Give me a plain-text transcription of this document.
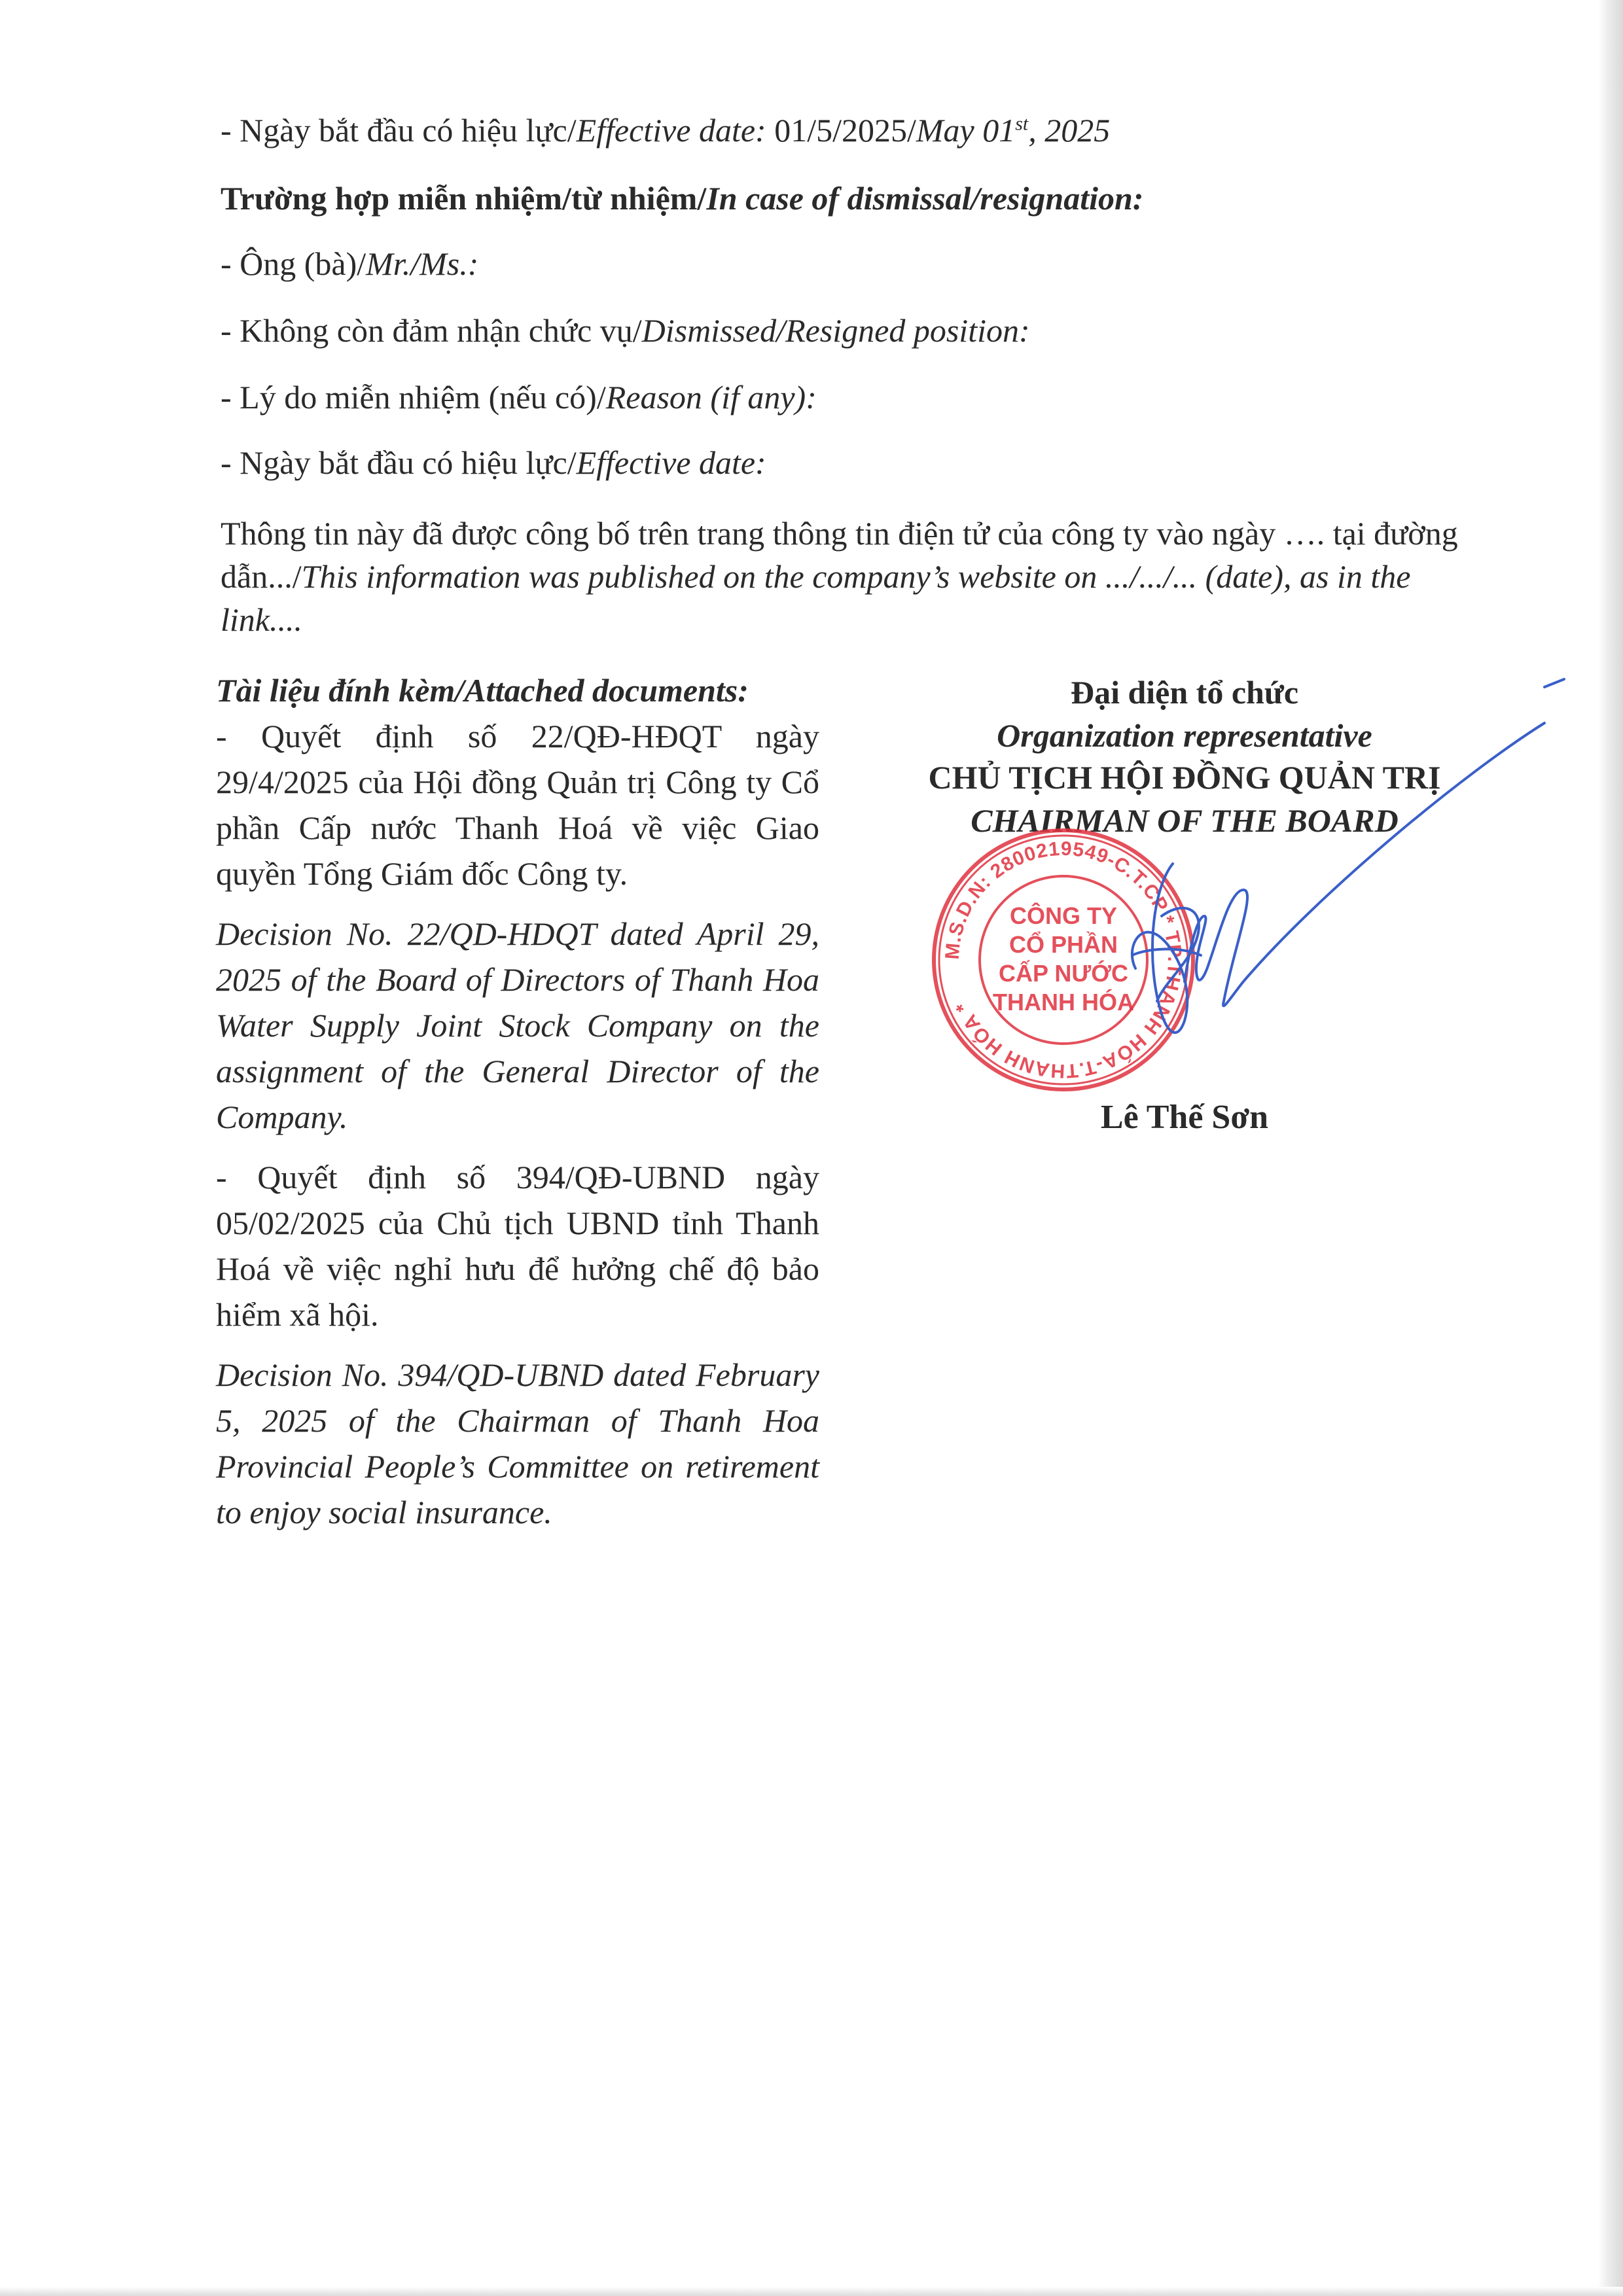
- Ngày bắt đầu có hiệu lực/Effective date: 01/5/2025/May 01st, 2025
Trường hợp miễn nhiệm/từ nhiệm/In case of dismissal/resignation:
- Ông (bà)/Mr./Ms.:
- Không còn đảm nhận chức vụ/Dismissed/Resigned position:
- Lý do miễn nhiệm (nếu có)/Reason (if any):
- Ngày bắt đầu có hiệu lực/Effective date:
Thông tin này đã được công bố trên trang thông tin điện tử của công ty vào ngày …. tại đường dẫn.../This information was published on the company’s website on .../.../... (date), as in the link....

Tài liệu đính kèm/Attached documents:

- Quyết định số 22/QĐ-HĐQT ngày 29/4/2025 của Hội đồng Quản trị Công ty Cổ phần Cấp nước Thanh Hoá về việc Giao quyền Tổng Giám đốc Công ty.

Decision No. 22/QD-HDQT dated April 29, 2025 of the Board of Directors of Thanh Hoa Water Supply Joint Stock Company on the assignment of the General Director of the Company.

- Quyết định số 394/QĐ-UBND ngày 05/02/2025 của Chủ tịch UBND tỉnh Thanh Hoá về việc nghỉ hưu để hưởng chế độ bảo hiểm xã hội.

Decision No. 394/QD-UBND dated February 5, 2025 of the Chairman of Thanh Hoa Provincial People’s Committee on retirement to enjoy social insurance.

Đại diện tổ chức
Organization representative
CHỦ TỊCH HỘI ĐỒNG QUẢN TRỊ
CHAIRMAN OF THE BOARD
M.S.D.N: 2800219549-C.T.CP * TP.THANH HÓA-T.THANH HÓA *
CÔNG TY
CỔ PHẦN
CẤP NƯỚC
THANH HÓA
Lê Thế Sơn
